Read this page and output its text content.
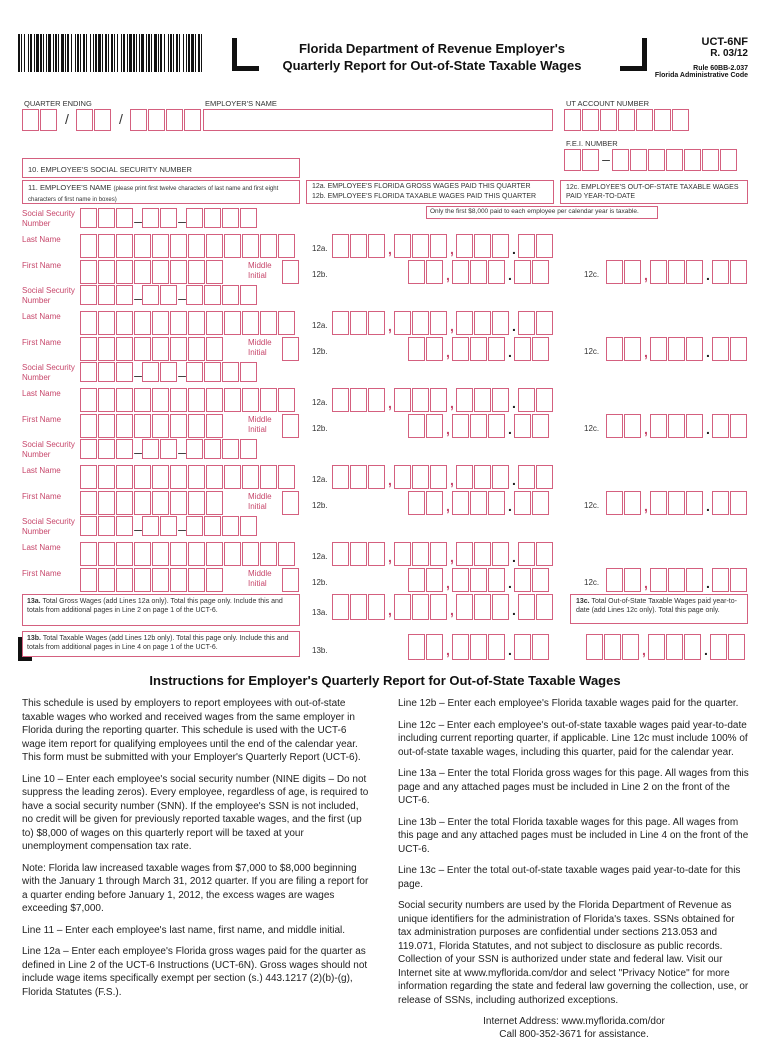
Florida Department of Revenue Employer's
Quarterly Report for Out-of-State Taxable Wages
UCT-6NF
R. 03/12
Rule 60BB-2.037
Florida Administrative Code
QUARTER ENDING
/	/
EMPLOYER'S NAME	UT ACCOUNT NUMBER
F.E.I. NUMBER
–
10. EMPLOYEE'S SOCIAL SECURITY NUMBER
11. EMPLOYEE'S NAME (please print first twelve characters of last name and first eight characters of first name in boxes)
12a. EMPLOYEE'S FLORIDA GROSS WAGES PAID THIS QUARTER
12b. EMPLOYEE'S FLORIDA TAXABLE WAGES PAID THIS QUARTER
12c. EMPLOYEE'S OUT-OF-STATE TAXABLE WAGES PAID YEAR-TO-DATE
Only the first $8,000 paid to each employee per calendar year is taxable.
Social Security Number	–	–
Last Name
First Name	Middle Initial
12a.	,	,	.
12b.	,	.	12c.	,	.
Social Security Number	–	–
Last Name
First Name	Middle Initial
12a.	,	,	.
12b.	,	.	12c.	,	.
Social Security Number	–	–
Last Name
First Name	Middle Initial
12a.	,	,	.
12b.	,	.	12c.	,	.
Social Security Number	–	–
Last Name
First Name	Middle Initial
12a.	,	,	.
12b.	,	.	12c.	,	.
Social Security Number	–	–
Last Name
First Name	Middle Initial
12a.	,	,	.
12b.	,	.	12c.	,	.
13a. Total Gross Wages (add Lines 12a only). Total this page only. Include this and totals from additional pages in Line 2 on page 1 of the UCT-6.	13a.	,	,	.
13b. Total Taxable Wages (add Lines 12b only). Total this page only. Include this and totals from additional pages in Line 4 on page 1 of the UCT-6.	13b.	,	.
13c. Total Out-of-State Taxable Wages paid year-to-date (add Lines 12c only). Total this page only.
,	.
Instructions for Employer's Quarterly Report for Out-of-State Taxable Wages

This schedule is used by employers to report employees with out-of-state taxable wages who worked and received wages from the same employer in Florida during the reporting quarter. This schedule is used with the UCT-6 wage item report for qualifying employees until the end of the calendar year. This form must be submitted with your Employer's Quarterly Report (UCT-6).

Line 10 – Enter each employee's social security number (NINE digits – Do not suppress the leading zeros). Every employee, regardless of age, is required to have a social security number (SNN). If the employee's SSN is not included, no credit will be given for previously reported taxable wages, and the first (up to) $8,000 of wages on this quarterly report will be taxed at your unemployment compensation tax rate.

Note: Florida law increased taxable wages from $7,000 to $8,000 beginning with the January 1 through March 31, 2012 quarter. If you are filing a report for a quarter ending before January 1, 2012, the excess wages are wages exceeding $7,000.

Line 11 – Enter each employee's last name, first name, and middle initial.

Line 12a – Enter each employee's Florida gross wages paid for the quarter as defined in Line 2 of the UCT-6 Instructions (UCT-6N). Gross wages should not include wage items specifically exempt per section (s.) 443.1217 (2)(b)-(g), Florida Statutes (F.S.).

Line 12b – Enter each employee's Florida taxable wages paid for the quarter.

Line 12c – Enter each employee's out-of-state taxable wages paid year-to-date including current reporting quarter, if applicable. Line 12c must include 100% of out-of-state taxable wages, including this quarter, paid for the calendar year.

Line 13a – Enter the total Florida gross wages for this page. All wages from this page and any attached pages must be included in Line 2 on the front of the UCT-6.

Line 13b – Enter the total Florida taxable wages for this page. All wages from this page and any attached pages must be included in Line 4 on the front of the UCT-6.

Line 13c – Enter the total out-of-state taxable wages paid year-to-date for this page.

Social security numbers are used by the Florida Department of Revenue as unique identifiers for the administration of Florida's taxes. SSNs obtained for tax administration purposes are confidential under sections 213.053 and 119.071, Florida Statutes, and not subject to disclosure as public records. Collection of your SSN is authorized under state and federal law. Visit our Internet site at www.myflorida.com/dor and select "Privacy Notice" for more information regarding the state and federal law governing the collection, use, or release of SSNs, including authorized exceptions.

Internet Address: www.myflorida.com/dor
Call 800-352-3671 for assistance.
